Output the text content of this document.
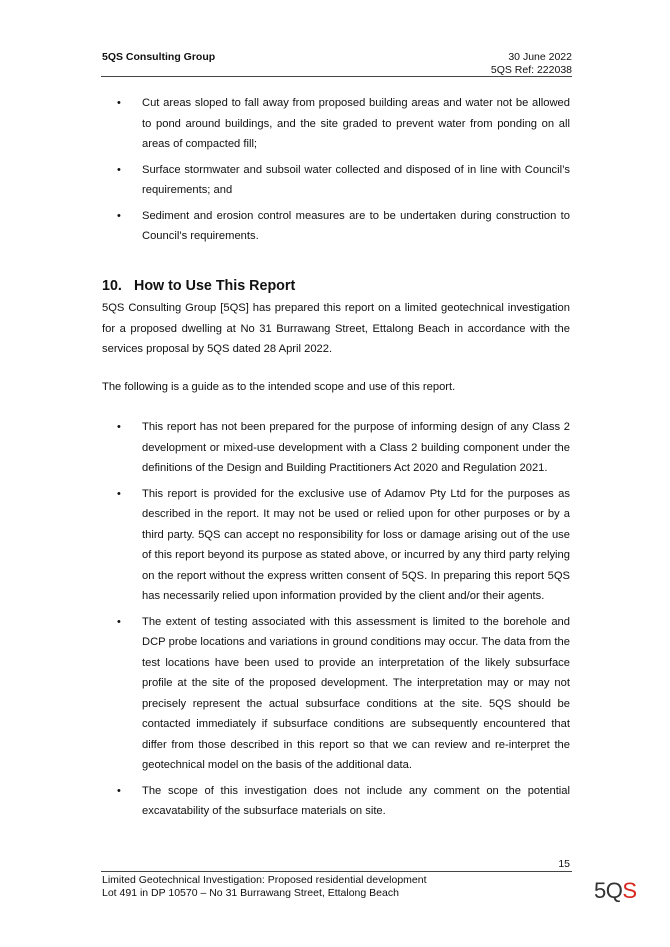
5QS Consulting Group	30 June 2022
5QS Ref: 222038
• Cut areas sloped to fall away from proposed building areas and water not be allowed to pond around buildings, and the site graded to prevent water from ponding on all areas of compacted fill;
• Surface stormwater and subsoil water collected and disposed of in line with Council’s requirements; and
• Sediment and erosion control measures are to be undertaken during construction to Council’s requirements.
10. How to Use This Report

5QS Consulting Group [5QS] has prepared this report on a limited geotechnical investigation for a proposed dwelling at No 31 Burrawang Street, Ettalong Beach in accordance with the services proposal by 5QS dated 28 April 2022.

The following is a guide as to the intended scope and use of this report.

• This report has not been prepared for the purpose of informing design of any Class 2 development or mixed-use development with a Class 2 building component under the definitions of the Design and Building Practitioners Act 2020 and Regulation 2021.
• This report is provided for the exclusive use of Adamov Pty Ltd for the purposes as described in the report. It may not be used or relied upon for other purposes or by a third party. 5QS can accept no responsibility for loss or damage arising out of the use of this report beyond its purpose as stated above, or incurred by any third party relying on the report without the express written consent of 5QS. In preparing this report 5QS has necessarily relied upon information provided by the client and/or their agents.
• The extent of testing associated with this assessment is limited to the borehole and DCP probe locations and variations in ground conditions may occur. The data from the test locations have been used to provide an interpretation of the likely subsurface profile at the site of the proposed development. The interpretation may or may not precisely represent the actual subsurface conditions at the site. 5QS should be contacted immediately if subsurface conditions are subsequently encountered that differ from those described in this report so that we can review and re-interpret the geotechnical model on the basis of the additional data.
• The scope of this investigation does not include any comment on the potential excavatability of the subsurface materials on site.
15
Limited Geotechnical Investigation: Proposed residential development
Lot 491 in DP 10570 – No 31 Burrawang Street, Ettalong Beach	5QS
